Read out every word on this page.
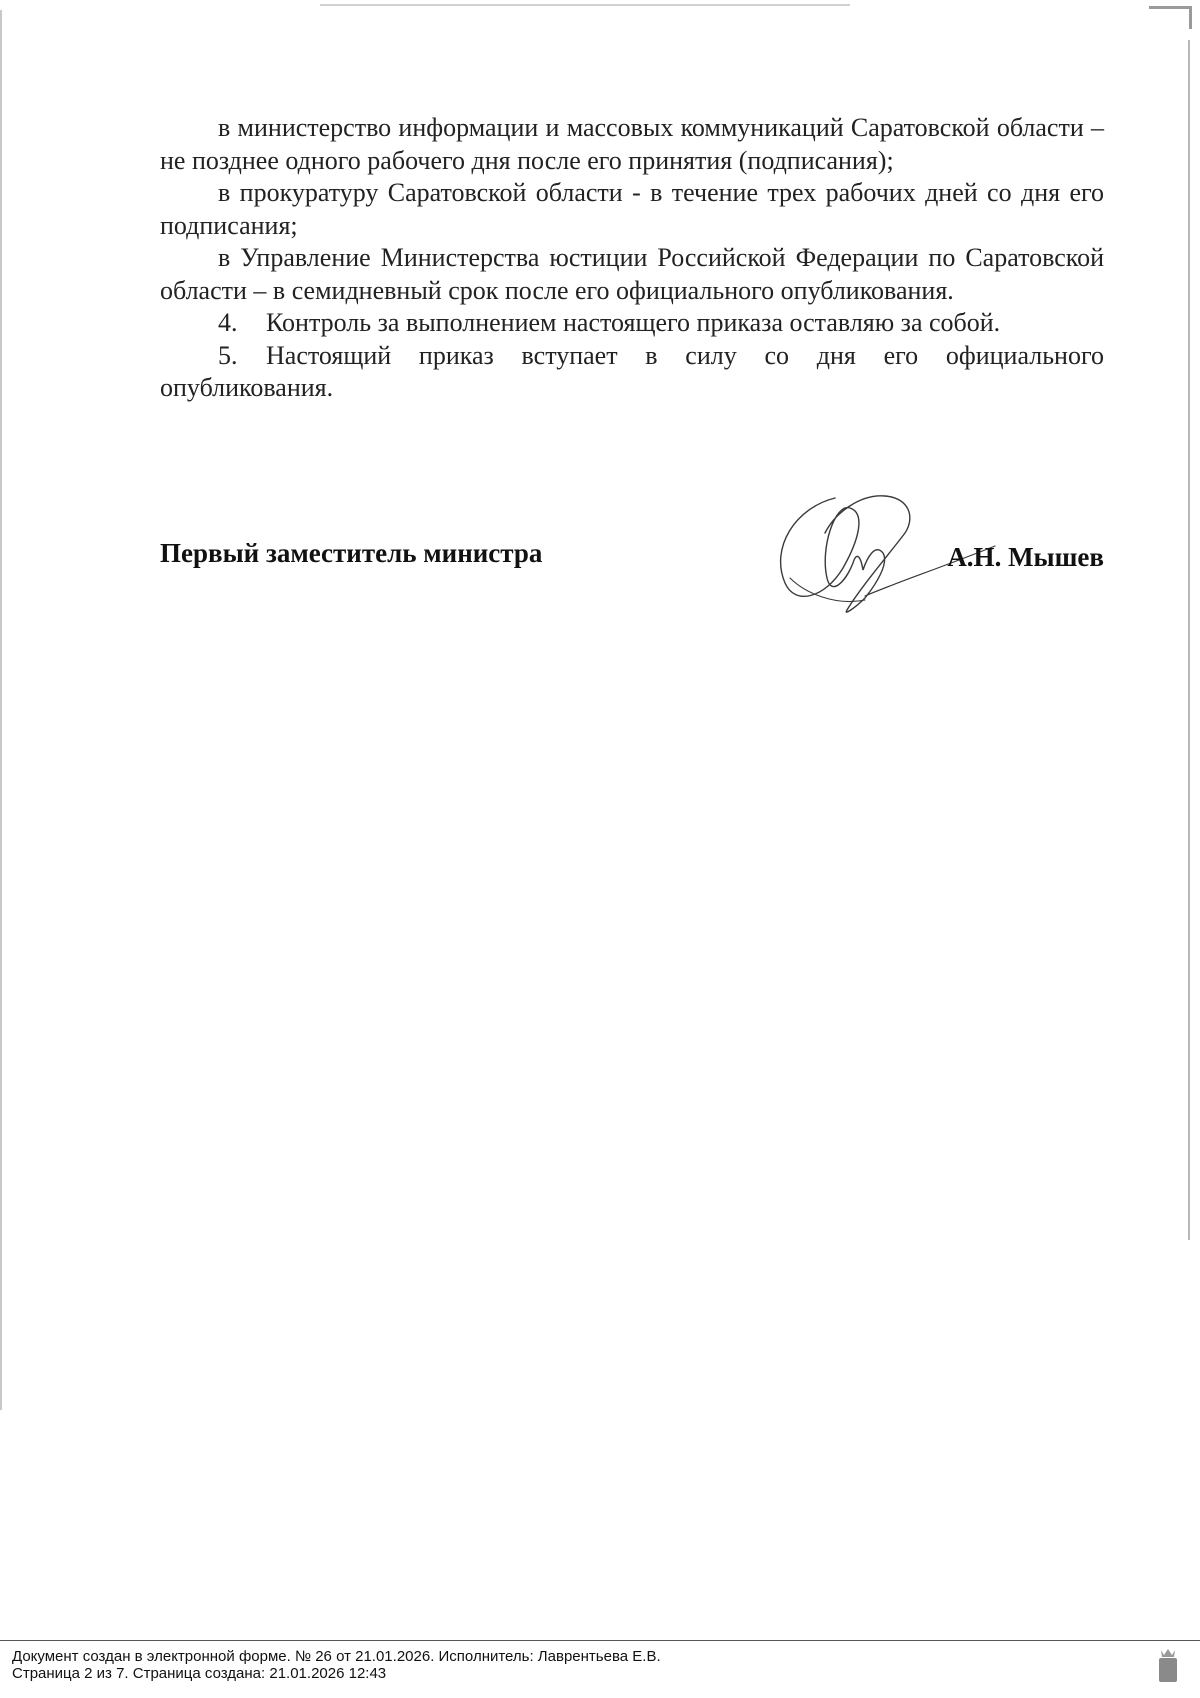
в министерство информации и массовых коммуникаций Саратовской области – не позднее одного рабочего дня после его принятия (подписания);

в прокуратуру Саратовской области - в течение трех рабочих дней со дня его подписания;

в Управление Министерства юстиции Российской Федерации по Саратовской области – в семидневный срок после его официального опубликования.

4. Контроль за выполнением настоящего приказа оставляю за собой.

5. Настоящий приказ вступает в силу со дня его официального опубликования.

Первый заместитель министра	А.Н. Мышев
Документ создан в электронной форме. № 26 от 21.01.2026. Исполнитель: Лаврентьева Е.В.
Страница 2 из 7. Страница создана: 21.01.2026 12:43
